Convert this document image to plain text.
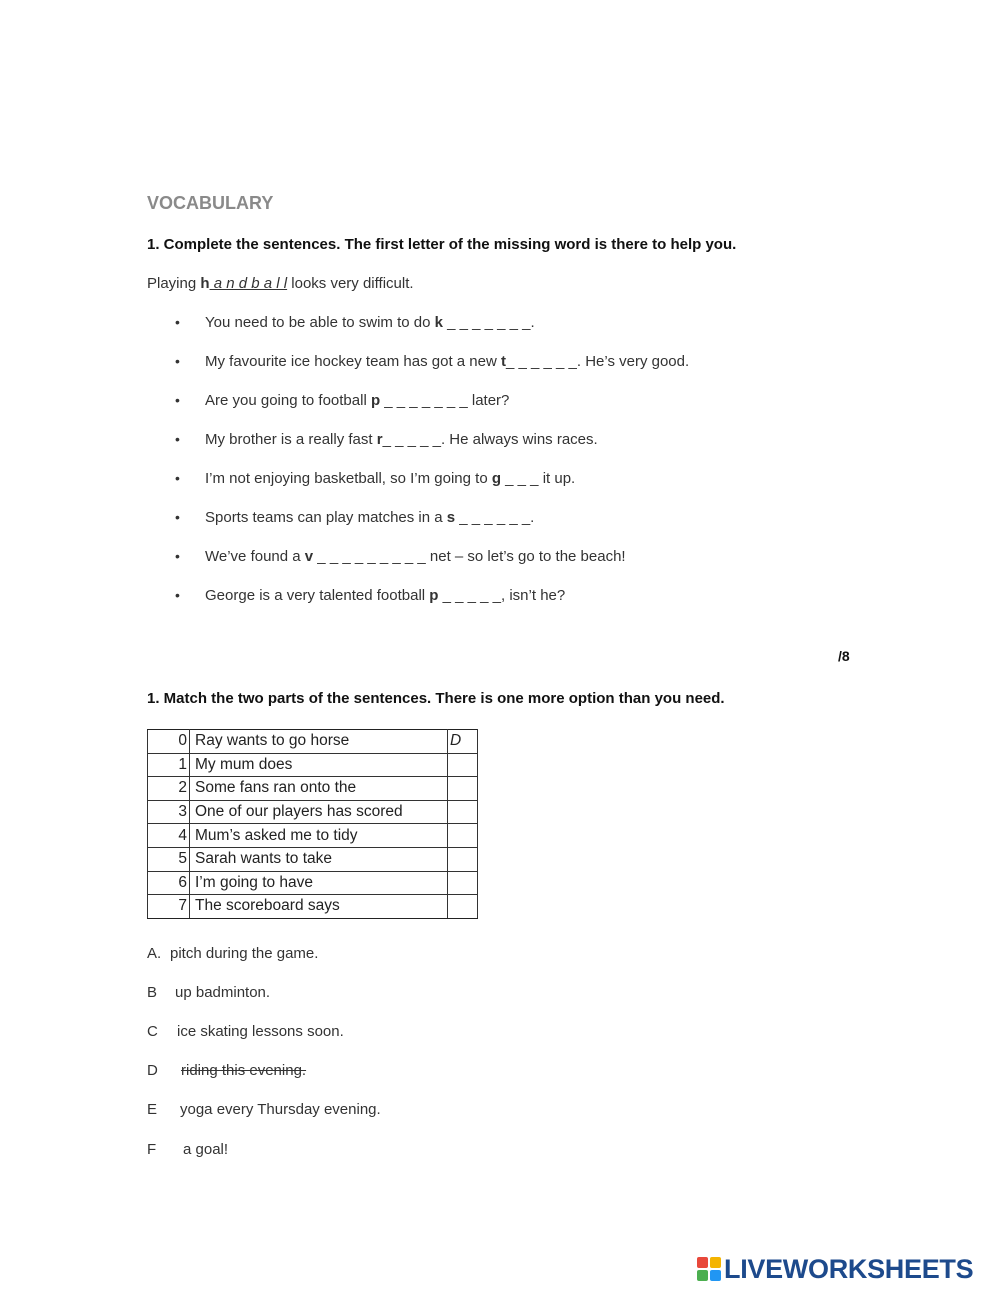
VOCABULARY
1. Complete the sentences. The first letter of the missing word is there to help you.
Playing h a n d b a l l looks very difficult.
• You need to be able to swim to do k _ _ _ _ _ _ _.
• My favourite ice hockey team has got a new t_ _ _ _ _ _. He’s very good.
• Are you going to football p _ _ _ _ _ _ _ later?
• My brother is a really fast r_ _ _ _ _. He always wins races.
• I’m not enjoying basketball, so I’m going to g _ _ _ it up.
• Sports teams can play matches in a s _ _ _ _ _ _.
• We’ve found a v _ _ _ _ _ _ _ _ _ net – so let’s go to the beach!
• George is a very talented football p _ _ _ _ _, isn’t he?
/8
1. Match the two parts of the sentences. There is one more option than you need.
0	Ray wants to go horse	D
1	My mum does	
2	Some fans ran onto the	
3	One of our players has scored	
4	Mum’s asked me to tidy	
5	Sarah wants to take	
6	I’m going to have	
7	The scoreboard says	
A. pitch during the game.
B up badminton.
C ice skating lessons soon.
D riding this evening.
E yoga every Thursday evening.
F a goal!
LIVEWORKSHEETS
